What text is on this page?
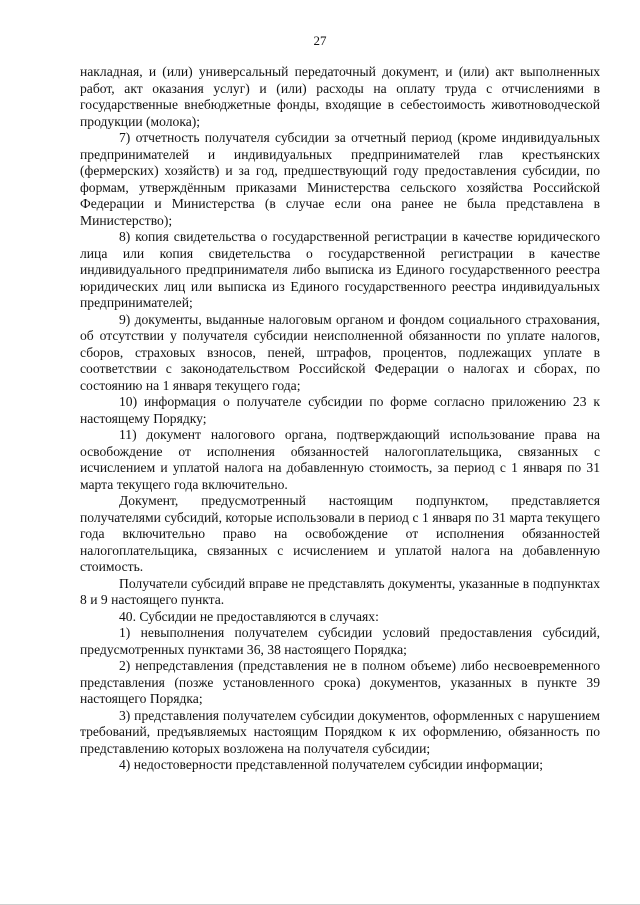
27

накладная, и (или) универсальный передаточный документ, и (или) акт выполненных работ, акт оказания услуг) и (или) расходы на оплату труда с отчислениями в государственные внебюджетные фонды, входящие в себестоимость животноводческой продукции (молока);

7) отчетность получателя субсидии за отчетный период (кроме индивидуальных предпринимателей и индивидуальных предпринимателей глав крестьянских (фермерских) хозяйств) и за год, предшествующий году предоставления субсидии, по формам, утверждённым приказами Министерства сельского хозяйства Российской Федерации и Министерства (в случае если она ранее не была представлена в Министерство);

8) копия свидетельства о государственной регистрации в качестве юридического лица или копия свидетельства о государственной регистрации в качестве индивидуального предпринимателя либо выписка из Единого государственного реестра юридических лиц или выписка из Единого государственного реестра индивидуальных предпринимателей;

9) документы, выданные налоговым органом и фондом социального страхования, об отсутствии у получателя субсидии неисполненной обязанности по уплате налогов, сборов, страховых взносов, пеней, штрафов, процентов, подлежащих уплате в соответствии с законодательством Российской Федерации о налогах и сборах, по состоянию на 1 января текущего года;

10) информация о получателе субсидии по форме согласно приложению 23 к настоящему Порядку;

11) документ налогового органа, подтверждающий использование права на освобождение от исполнения обязанностей налогоплательщика, связанных с исчислением и уплатой налога на добавленную стоимость, за период с 1 января по 31 марта текущего года включительно.

Документ, предусмотренный настоящим подпунктом, представляется получателями субсидий, которые использовали в период с 1 января по 31 марта текущего года включительно право на освобождение от исполнения обязанностей налогоплательщика, связанных с исчислением и уплатой налога на добавленную стоимость.

Получатели субсидий вправе не представлять документы, указанные в подпунктах 8 и 9 настоящего пункта.

40. Субсидии не предоставляются в случаях:

1) невыполнения получателем субсидии условий предоставления субсидий, предусмотренных пунктами 36, 38 настоящего Порядка;

2) непредставления (представления не в полном объеме) либо несвоевременного представления (позже установленного срока) документов, указанных в пункте 39 настоящего Порядка;

3) представления получателем субсидии документов, оформленных с нарушением требований, предъявляемых настоящим Порядком к их оформлению, обязанность по представлению которых возложена на получателя субсидии;

4) недостоверности представленной получателем субсидии информации;
